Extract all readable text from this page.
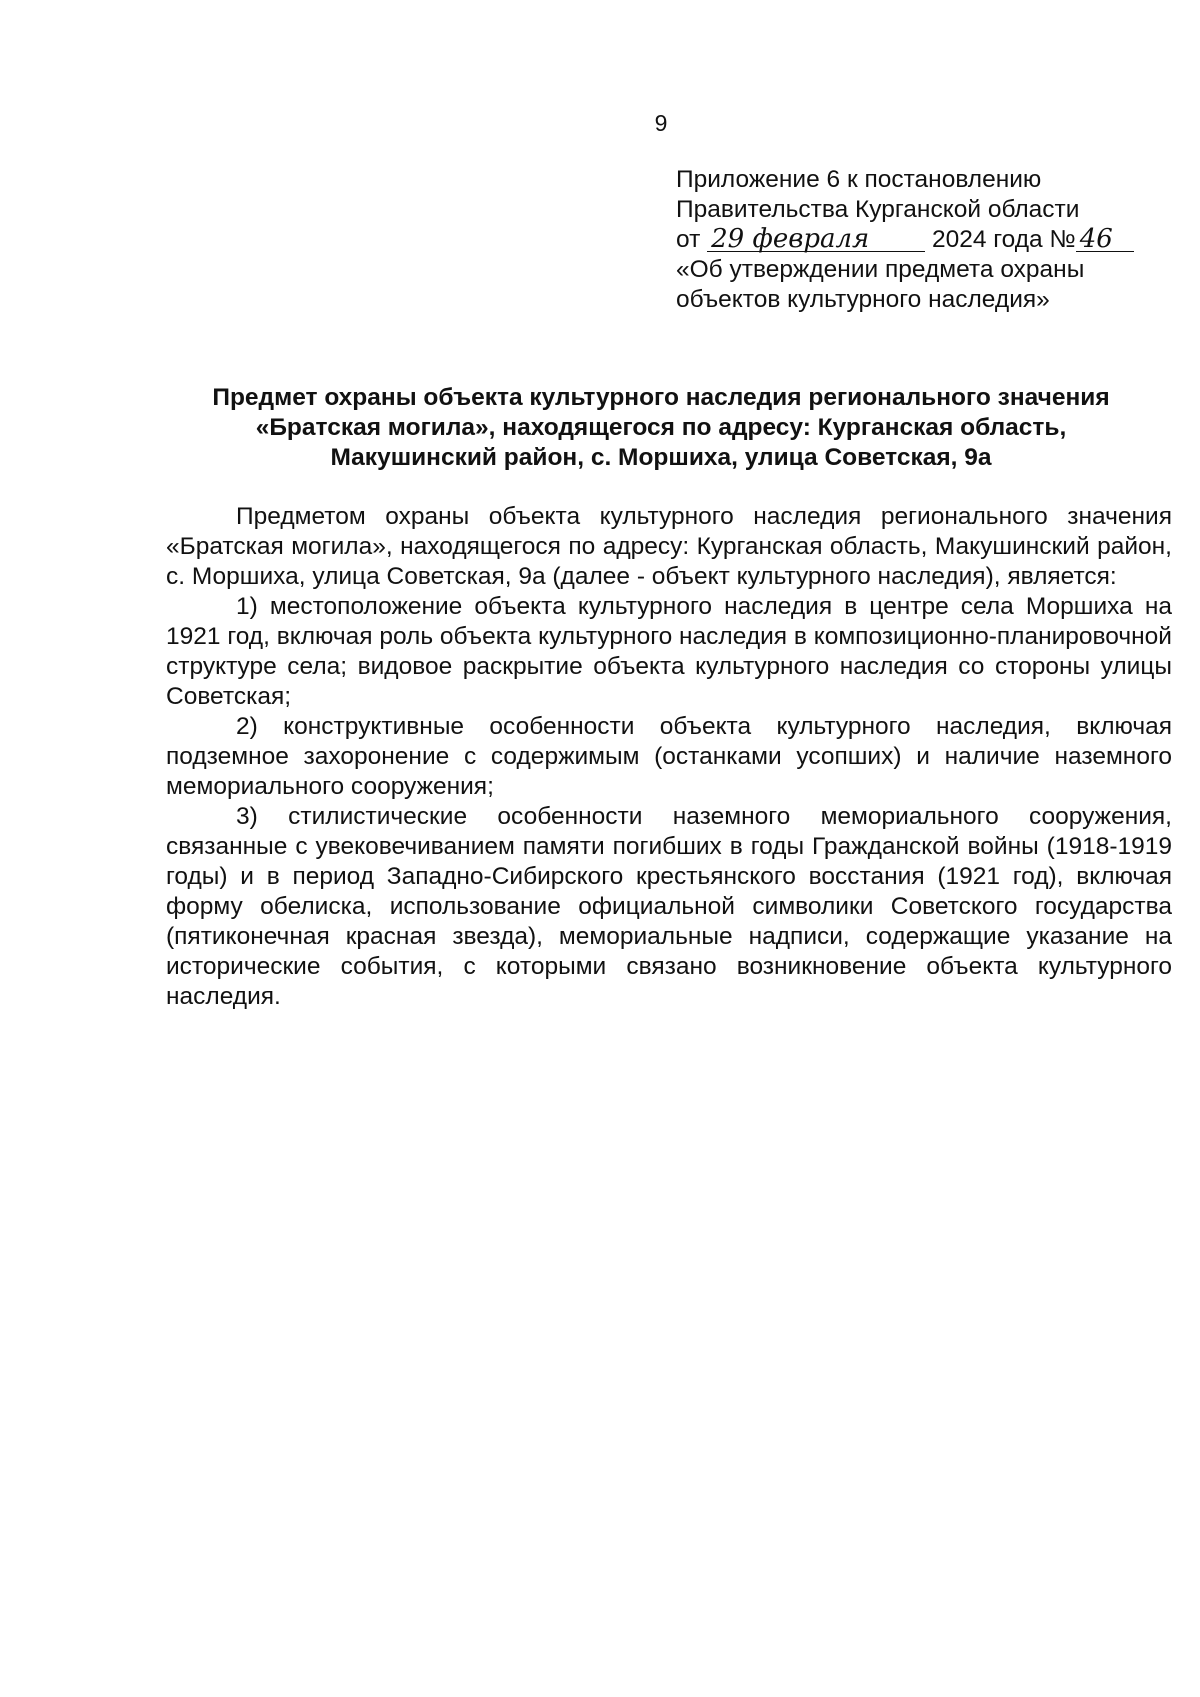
9
Приложение 6 к постановлению
Правительства Курганской области
от 29 февраля	2024 года № 46
«Об утверждении предмета охраны
объектов культурного наследия»
Предмет охраны объекта культурного наследия регионального значения
«Братская могила», находящегося по адресу: Курганская область,
Макушинский район, с. Моршиха, улица Советская, 9а

Предметом охраны объекта культурного наследия регионального значения «Братская могила», находящегося по адресу: Курганская область, Макушинский район, с. Моршиха, улица Советская, 9а (далее - объект культурного наследия), является:

1) местоположение объекта культурного наследия в центре села Моршиха на 1921 год, включая роль объекта культурного наследия в композиционно-планировочной структуре села; видовое раскрытие объекта культурного наследия со стороны улицы Советская;

2) конструктивные особенности объекта культурного наследия, включая подземное захоронение с содержимым (останками усопших) и наличие наземного мемориального сооружения;

3) стилистические особенности наземного мемориального сооружения, связанные с увековечиванием памяти погибших в годы Гражданской войны (1918-1919 годы) и в период Западно-Сибирского крестьянского восстания (1921 год), включая форму обелиска, использование официальной символики Советского государства (пятиконечная красная звезда), мемориальные надписи, содержащие указание на исторические события, с которыми связано возникновение объекта культурного наследия.
